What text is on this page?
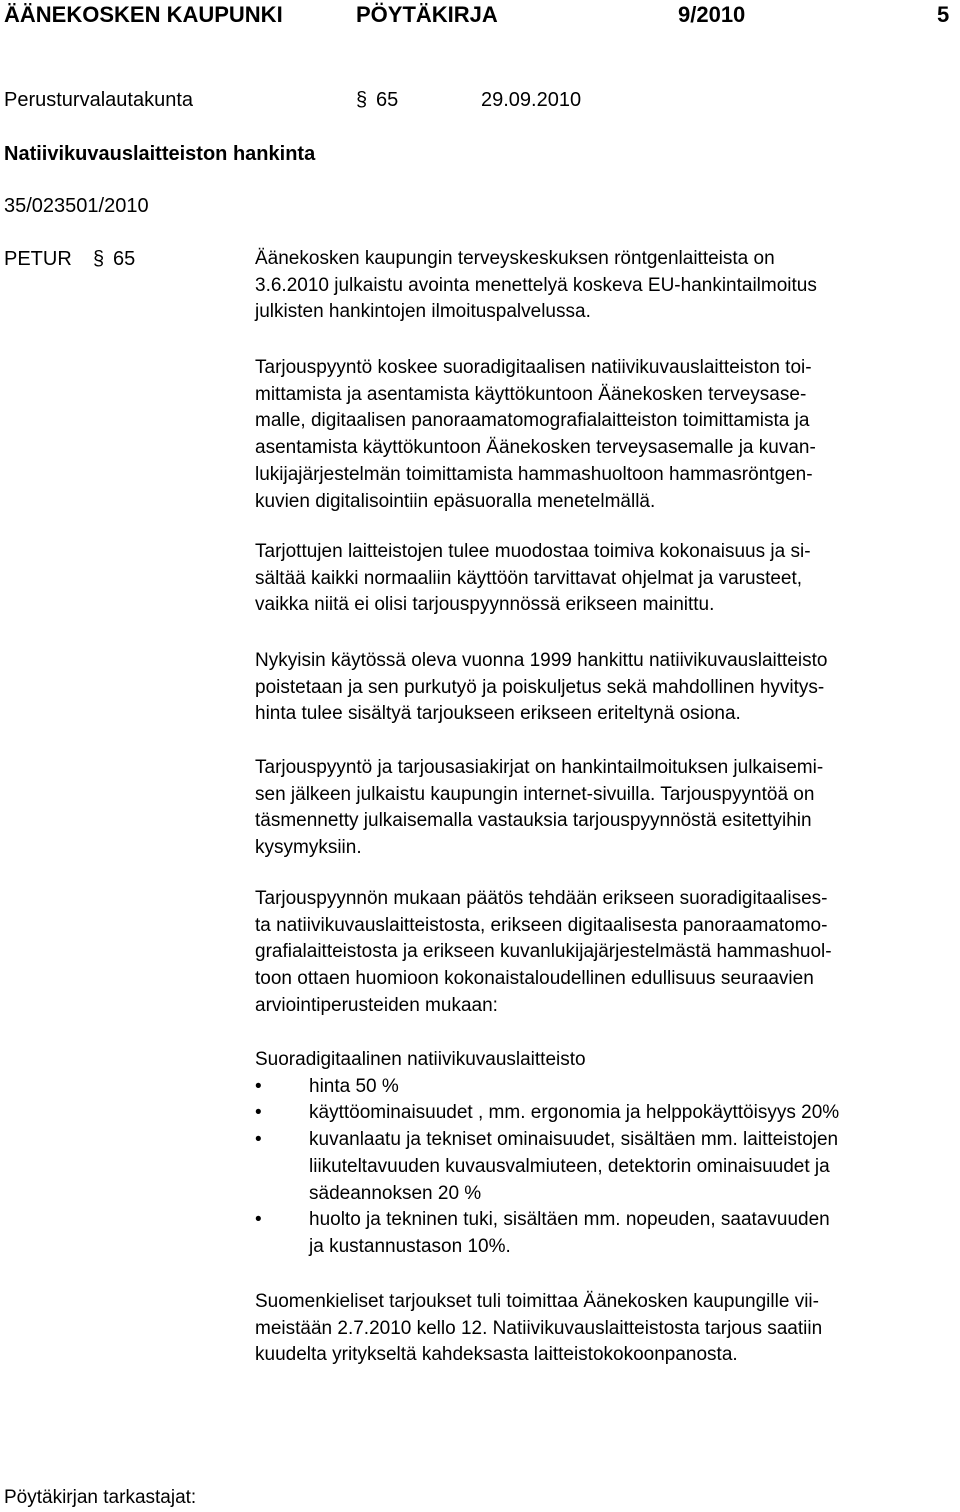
ÄÄNEKOSKEN KAUPUNKI	PÖYTÄKIRJA	9/2010	5
Perusturvalautakunta	§ 65	29.09.2010
Natiivikuvauslaitteiston hankinta
35/023501/2010
PETUR § 65	Äänekosken kaupungin terveyskeskuksen röntgenlaitteista on

3.6.2010 julkaistu avointa menettelyä koskeva EU-hankintailmoitus

julkisten hankintojen ilmoituspalvelussa.

Tarjouspyyntö koskee suoradigitaalisen natiivikuvauslaitteiston toi-

mittamista ja asentamista käyttökuntoon Äänekosken terveysase-

malle, digitaalisen panoraamatomografialaitteiston toimittamista ja

asentamista käyttökuntoon Äänekosken terveysasemalle ja kuvan-

lukijajärjestelmän toimittamista hammashuoltoon hammasröntgen-

kuvien digitalisointiin epäsuoralla menetelmällä.

Tarjottujen laitteistojen tulee muodostaa toimiva kokonaisuus ja si-

sältää kaikki normaaliin käyttöön tarvittavat ohjelmat ja varusteet,

vaikka niitä ei olisi tarjouspyynnössä erikseen mainittu.

Nykyisin käytössä oleva vuonna 1999 hankittu natiivikuvauslaitteisto

poistetaan ja sen purkutyö ja poiskuljetus sekä mahdollinen hyvitys-

hinta tulee sisältyä tarjoukseen erikseen eriteltynä osiona.

Tarjouspyyntö ja tarjousasiakirjat on hankintailmoituksen julkaisemi-

sen jälkeen julkaistu kaupungin internet-sivuilla. Tarjouspyyntöä on

täsmennetty julkaisemalla vastauksia tarjouspyynnöstä esitettyihin

kysymyksiin.

Tarjouspyynnön mukaan päätös tehdään erikseen suoradigitaalises-

ta natiivikuvauslaitteistosta, erikseen digitaalisesta panoraamatomo-

grafialaitteistosta ja erikseen kuvanlukijajärjestelmästä hammashuol-

toon ottaen huomioon kokonaistaloudellinen edullisuus seuraavien

arviointiperusteiden mukaan:

Suoradigitaalinen natiivikuvauslaitteisto

• hinta 50 %

• käyttöominaisuudet , mm. ergonomia ja helppokäyttöisyys 20%

• kuvanlaatu ja tekniset ominaisuudet, sisältäen mm. laitteistojen

liikuteltavuuden kuvausvalmiuteen, detektorin ominaisuudet ja

sädeannoksen 20 %

• huolto ja tekninen tuki, sisältäen mm. nopeuden, saatavuuden

ja kustannustason 10%.

Suomenkieliset tarjoukset tuli toimittaa Äänekosken kaupungille vii-

meistään 2.7.2010 kello 12. Natiivikuvauslaitteistosta tarjous saatiin

kuudelta yritykseltä kahdeksasta laitteistokokoonpanosta.

Pöytäkirjan tarkastajat:
